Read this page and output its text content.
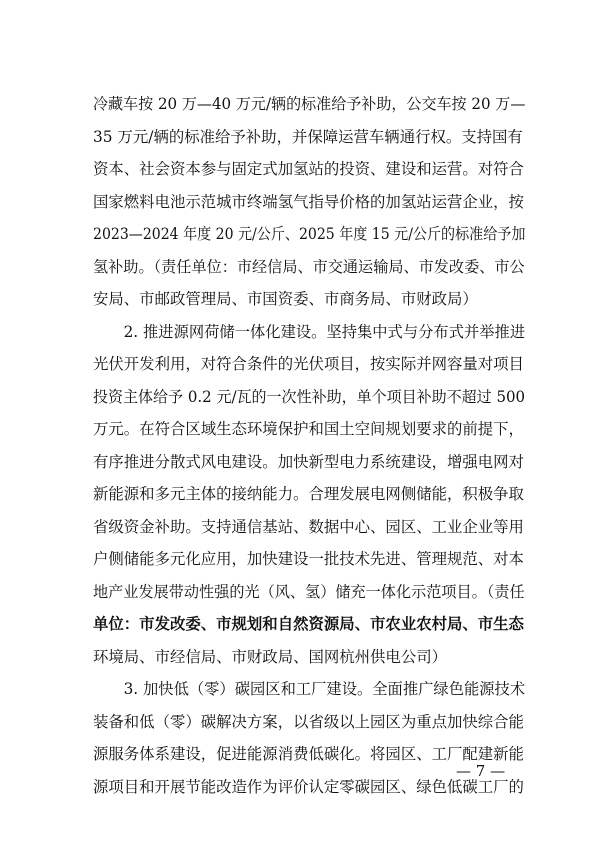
冷藏车按 20 万—40 万元/辆的标准给予补助，公交车按 20 万—
35 万元/辆的标准给予补助，并保障运营车辆通行权。支持国有
资本、社会资本参与固定式加氢站的投资、建设和运营。对符合
国家燃料电池示范城市终端氢气指导价格的加氢站运营企业，按
2023—2024 年度 20 元/公斤、2025 年度 15 元/公斤的标准给予加
氢补助。（责任单位：市经信局、市交通运输局、市发改委、市公
安局、市邮政管理局、市国资委、市商务局、市财政局）
　　2. 推进源网荷储一体化建设。坚持集中式与分布式并举推进
光伏开发利用，对符合条件的光伏项目，按实际并网容量对项目
投资主体给予 0.2 元/瓦的一次性补助，单个项目补助不超过 500
万元。在符合区域生态环境保护和国土空间规划要求的前提下，
有序推进分散式风电建设。加快新型电力系统建设，增强电网对
新能源和多元主体的接纳能力。合理发展电网侧储能，积极争取
省级资金补助。支持通信基站、数据中心、园区、工业企业等用
户侧储能多元化应用，加快建设一批技术先进、管理规范、对本
地产业发展带动性强的光（风、氢）储充一体化示范项目。（责任
单位：市发改委、市规划和自然资源局、市农业农村局、市生态
环境局、市经信局、市财政局、国网杭州供电公司）
　　3. 加快低（零）碳园区和工厂建设。全面推广绿色能源技术
装备和低（零）碳解决方案，以省级以上园区为重点加快综合能
源服务体系建设，促进能源消费低碳化。将园区、工厂配建新能
源项目和开展节能改造作为评价认定零碳园区、绿色低碳工厂的
— 7 —
